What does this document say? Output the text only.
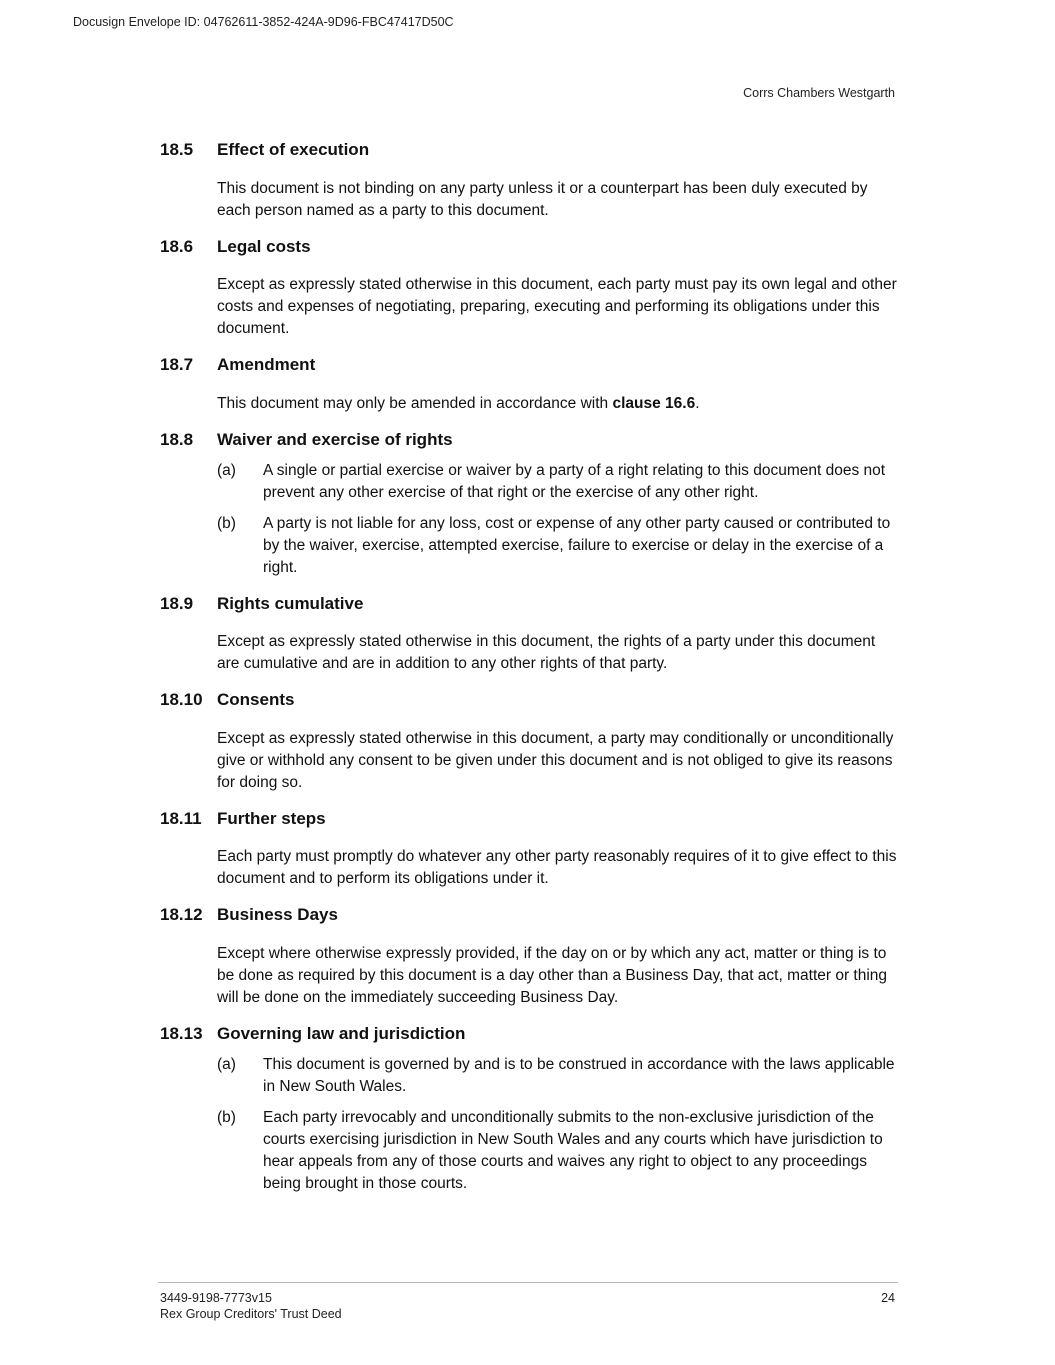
Docusign Envelope ID: 04762611-3852-424A-9D96-FBC47417D50C
Corrs Chambers Westgarth
18.5	Effect of execution

This document is not binding on any party unless it or a counterpart has been duly executed by each person named as a party to this document.

18.6	Legal costs

Except as expressly stated otherwise in this document, each party must pay its own legal and other costs and expenses of negotiating, preparing, executing and performing its obligations under this document.

18.7	Amendment

This document may only be amended in accordance with clause 16.6.

18.8	Waiver and exercise of rights
(a)	A single or partial exercise or waiver by a party of a right relating to this document does not prevent any other exercise of that right or the exercise of any other right.
(b)	A party is not liable for any loss, cost or expense of any other party caused or contributed to by the waiver, exercise, attempted exercise, failure to exercise or delay in the exercise of a right.
18.9	Rights cumulative

Except as expressly stated otherwise in this document, the rights of a party under this document are cumulative and are in addition to any other rights of that party.

18.10 Consents

Except as expressly stated otherwise in this document, a party may conditionally or unconditionally give or withhold any consent to be given under this document and is not obliged to give its reasons for doing so.

18.11 Further steps

Each party must promptly do whatever any other party reasonably requires of it to give effect to this document and to perform its obligations under it.

18.12 Business Days

Except where otherwise expressly provided, if the day on or by which any act, matter or thing is to be done as required by this document is a day other than a Business Day, that act, matter or thing will be done on the immediately succeeding Business Day.

18.13 Governing law and jurisdiction
(a)	This document is governed by and is to be construed in accordance with the laws applicable in New South Wales.
(b)	Each party irrevocably and unconditionally submits to the non-exclusive jurisdiction of the courts exercising jurisdiction in New South Wales and any courts which have jurisdiction to hear appeals from any of those courts and waives any right to object to any proceedings being brought in those courts.
3449-9198-7773v15
Rex Group Creditors' Trust Deed
24
